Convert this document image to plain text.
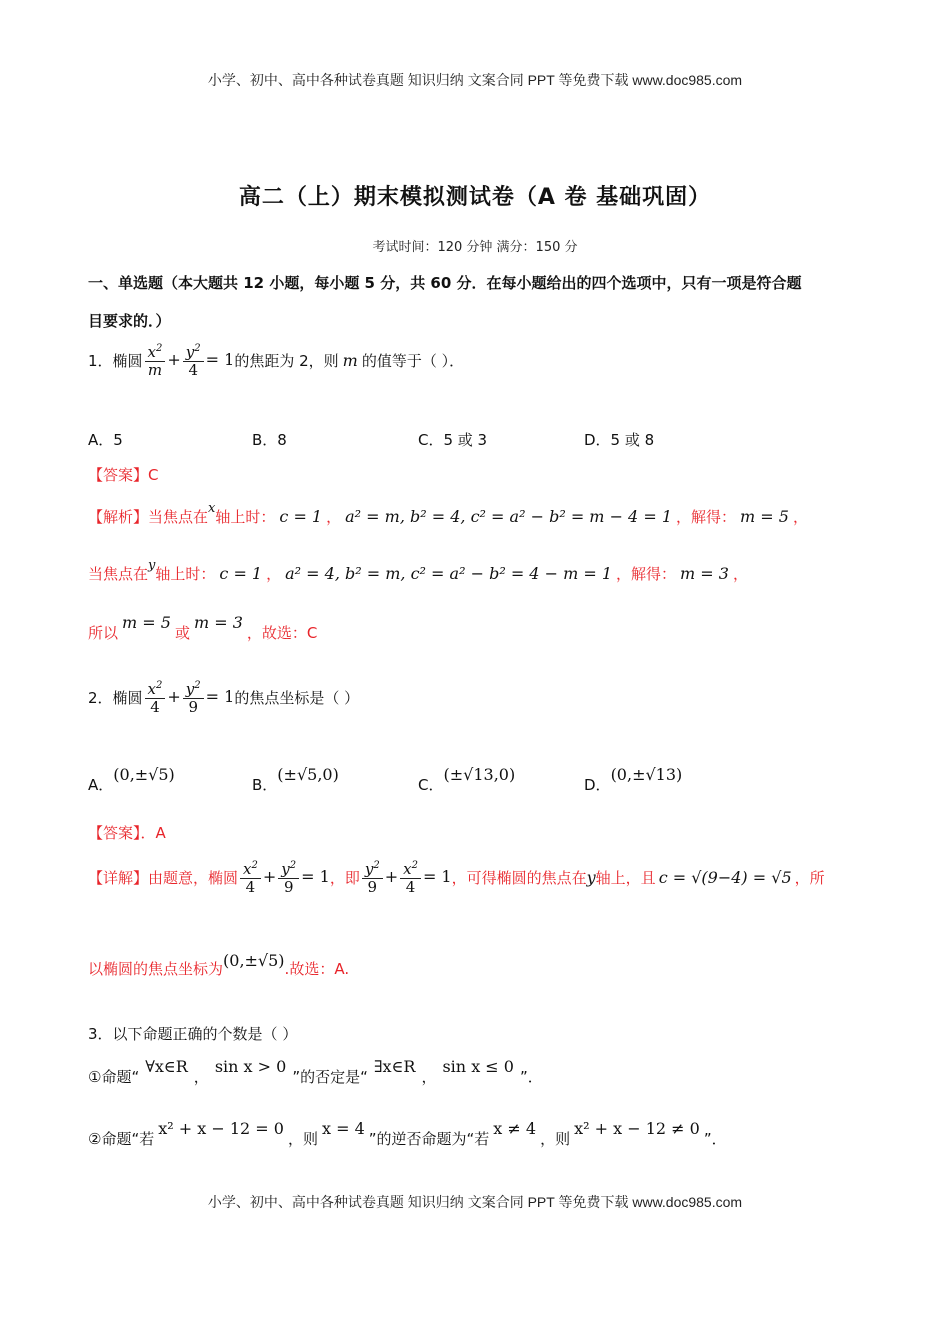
小学、初中、高中各种试卷真题 知识归纳 文案合同 PPT 等免费下载 www.doc985.com
小学、初中、高中各种试卷真题 知识归纳 文案合同 PPT 等免费下载 www.doc985.com
高二（上）期末模拟测试卷（A 卷 基础巩固）
考试时间：120 分钟 满分：150 分
一、单选题（本大题共 12 小题，每小题 5 分，共 60 分．在每小题给出的四个选项中，只有一项是符合题
目要求的．）
1．椭圆 $\frac{x^2}{m} + \frac{y^2}{4} = 1$ 的焦距为 2，则 m 的值等于（ ）．
A．5	B．8	C．5 或 3	D．5 或 8
【答案】C
【解析】 当焦点在 x 轴上时： c = 1 ， a² = m, b² = 4, c² = a² − b² = m − 4 = 1 ，解得： m = 5 ，
当焦点在 y 轴上时： c = 1 ， a² = 4, b² = m, c² = a² − b² = 4 − m = 1 ，解得： m = 3 ，
所以
m = 5
或
m = 3
，故选：C
2．椭圆 $\frac{x^2}{4} + \frac{y^2}{9} = 1$ 的焦点坐标是（ ）
A．(0,±√5)
B．(±√5,0)
C．(±√13,0)
D．(0,±√13)
【答案】．A
【详解】 由题意，椭圆 $\frac{x^2}{4} + \frac{y^2}{9} = 1$ ，即 $\frac{y^2}{9} + \frac{x^2}{4} = 1$ ，可得椭圆的焦点在 y 轴上，且 c = √(9−4) = √5 ，所
以椭圆的焦点坐标为 (0,±√5) .故选：A.
3．以下命题正确的个数是（ ）
①命题“
∀x∈R
，
sin x > 0
”的否定是“
∃x∈R
，
sin x ≤ 0
”．
②命题“若
x² + x − 12 = 0
，则
x = 4
”的逆否命题为“若
x ≠ 4
，则
x² + x − 12 ≠ 0
”．
